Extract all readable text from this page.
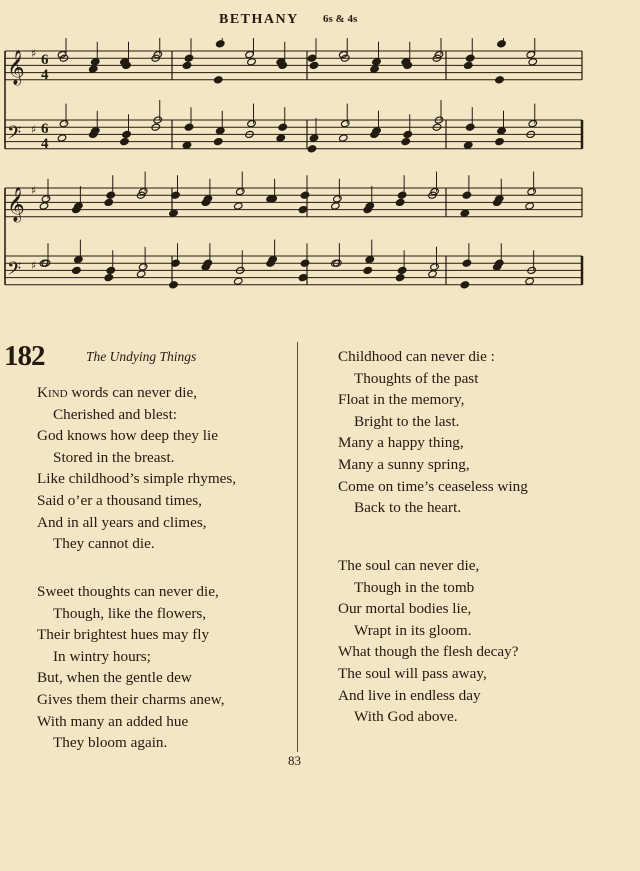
BETHANY 6s & 4s
𝄞 ♯ 6
4
𝄢 ♯ 6
4
𝄞 ♯
𝄢 ♯
182	The Undying Things
Kind words can never die,
Cherished and blest:
God knows how deep they lie
Stored in the breast.
Like childhood’s simple rhymes,
Said o’er a thousand times,
And in all years and climes,
They cannot die.
Sweet thoughts can never die,
Though, like the flowers,
Their brightest hues may fly
In wintry hours;
But, when the gentle dew
Gives them their charms anew,
With many an added hue
They bloom again.
Childhood can never die :
Thoughts of the past
Float in the memory,
Bright to the last.
Many a happy thing,
Many a sunny spring,
Come on time’s ceaseless wing
Back to the heart.
The soul can never die,
Though in the tomb
Our mortal bodies lie,
Wrapt in its gloom.
What though the flesh decay?
The soul will pass away,
And live in endless day
With God above.
83
